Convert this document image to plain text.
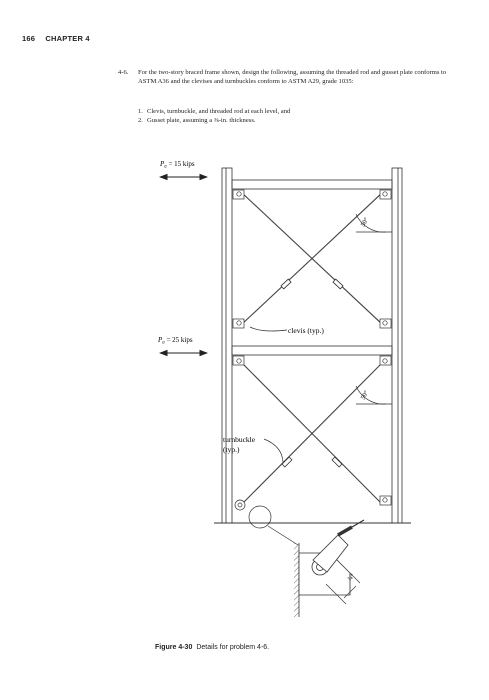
166 CHAPTER 4
4-6. For the two-story braced frame shown, design the following, assuming the threaded rod and gusset plate conforms to ASTM A36 and the clevises and turnbuckles conform to ASTM A29, grade 1035:
1. Clevis, turnbuckle, and threaded rod at each level, and
2. Gusset plate, assuming a ⅜-in. thickness.
50°
50°
$P_a = 15$ kips
$P_a = 25$ kips
clevis (typ.)
turnbuckle
(typ.)
¾"
Figure 4-30 Details for problem 4-6.
